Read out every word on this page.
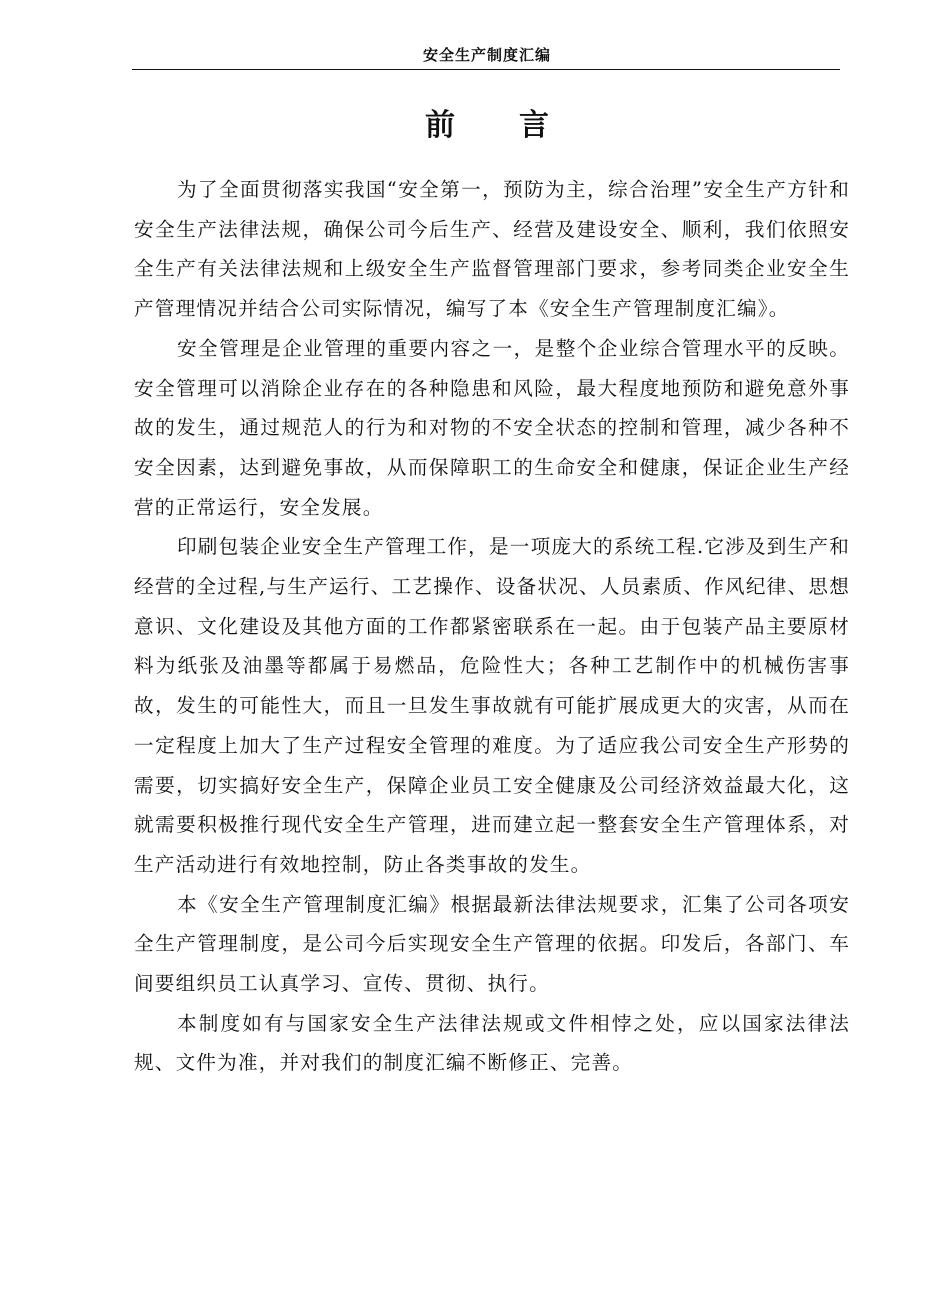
安全生产制度汇编
前言

为了全面贯彻落实我国“安全第一，预防为主，综合治理”安全生产方针和安全生产法律法规，确保公司今后生产、经营及建设安全、顺利，我们依照安全生产有关法律法规和上级安全生产监督管理部门要求，参考同类企业安全生产管理情况并结合公司实际情况，编写了本《安全生产管理制度汇编》。

安全管理是企业管理的重要内容之一，是整个企业综合管理水平的反映。安全管理可以消除企业存在的各种隐患和风险，最大程度地预防和避免意外事故的发生，通过规范人的行为和对物的不安全状态的控制和管理，减少各种不安全因素，达到避免事故，从而保障职工的生命安全和健康，保证企业生产经营的正常运行，安全发展。

印刷包装企业安全生产管理工作，是一项庞大的系统工程.它涉及到生产和经营的全过程,与生产运行、工艺操作、设备状况、人员素质、作风纪律、思想意识、文化建设及其他方面的工作都紧密联系在一起。由于包装产品主要原材料为纸张及油墨等都属于易燃品，危险性大；各种工艺制作中的机械伤害事故，发生的可能性大，而且一旦发生事故就有可能扩展成更大的灾害，从而在一定程度上加大了生产过程安全管理的难度。为了适应我公司安全生产形势的需要，切实搞好安全生产，保障企业员工安全健康及公司经济效益最大化，这就需要积极推行现代安全生产管理，进而建立起一整套安全生产管理体系，对生产活动进行有效地控制，防止各类事故的发生。

本《安全生产管理制度汇编》根据最新法律法规要求，汇集了公司各项安全生产管理制度，是公司今后实现安全生产管理的依据。印发后，各部门、车间要组织员工认真学习、宣传、贯彻、执行。

本制度如有与国家安全生产法律法规或文件相悖之处，应以国家法律法规、文件为准，并对我们的制度汇编不断修正、完善。
